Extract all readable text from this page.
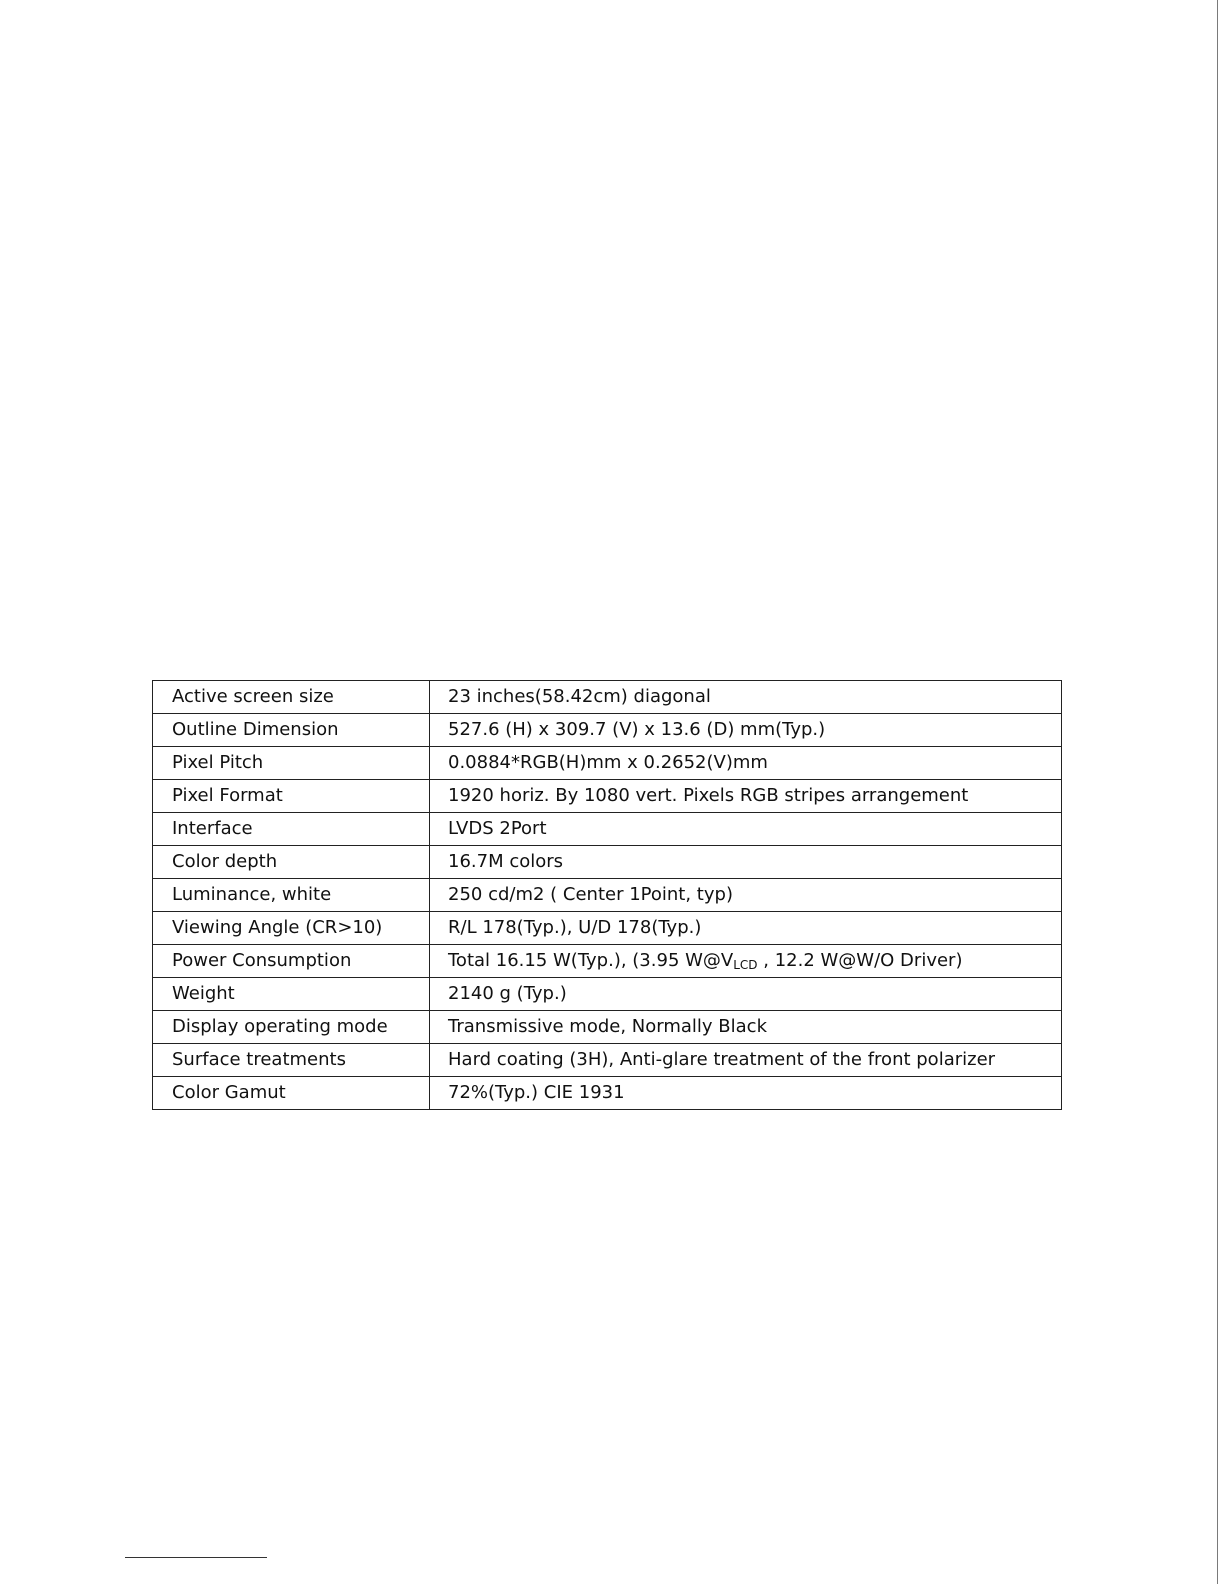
Active screen size	23 inches(58.42cm) diagonal
Outline Dimension	527.6 (H) x 309.7 (V) x 13.6 (D) mm(Typ.)
Pixel Pitch	0.0884*RGB(H)mm x 0.2652(V)mm
Pixel Format	1920 horiz. By 1080 vert. Pixels RGB stripes arrangement
Interface	LVDS 2Port
Color depth	16.7M colors
Luminance, white	250 cd/m2 ( Center 1Point, typ)
Viewing Angle (CR>10)	R/L 178(Typ.), U/D 178(Typ.)
Power Consumption	Total 16.15 W(Typ.), (3.95 $W@V_{LCD}$ , 12.2 W@W/O Driver)
Weight	2140 g (Typ.)
Display operating mode	Transmissive mode, Normally Black
Surface treatments	Hard coating (3H), Anti-glare treatment of the front polarizer
Color Gamut	72%(Typ.) CIE 1931
